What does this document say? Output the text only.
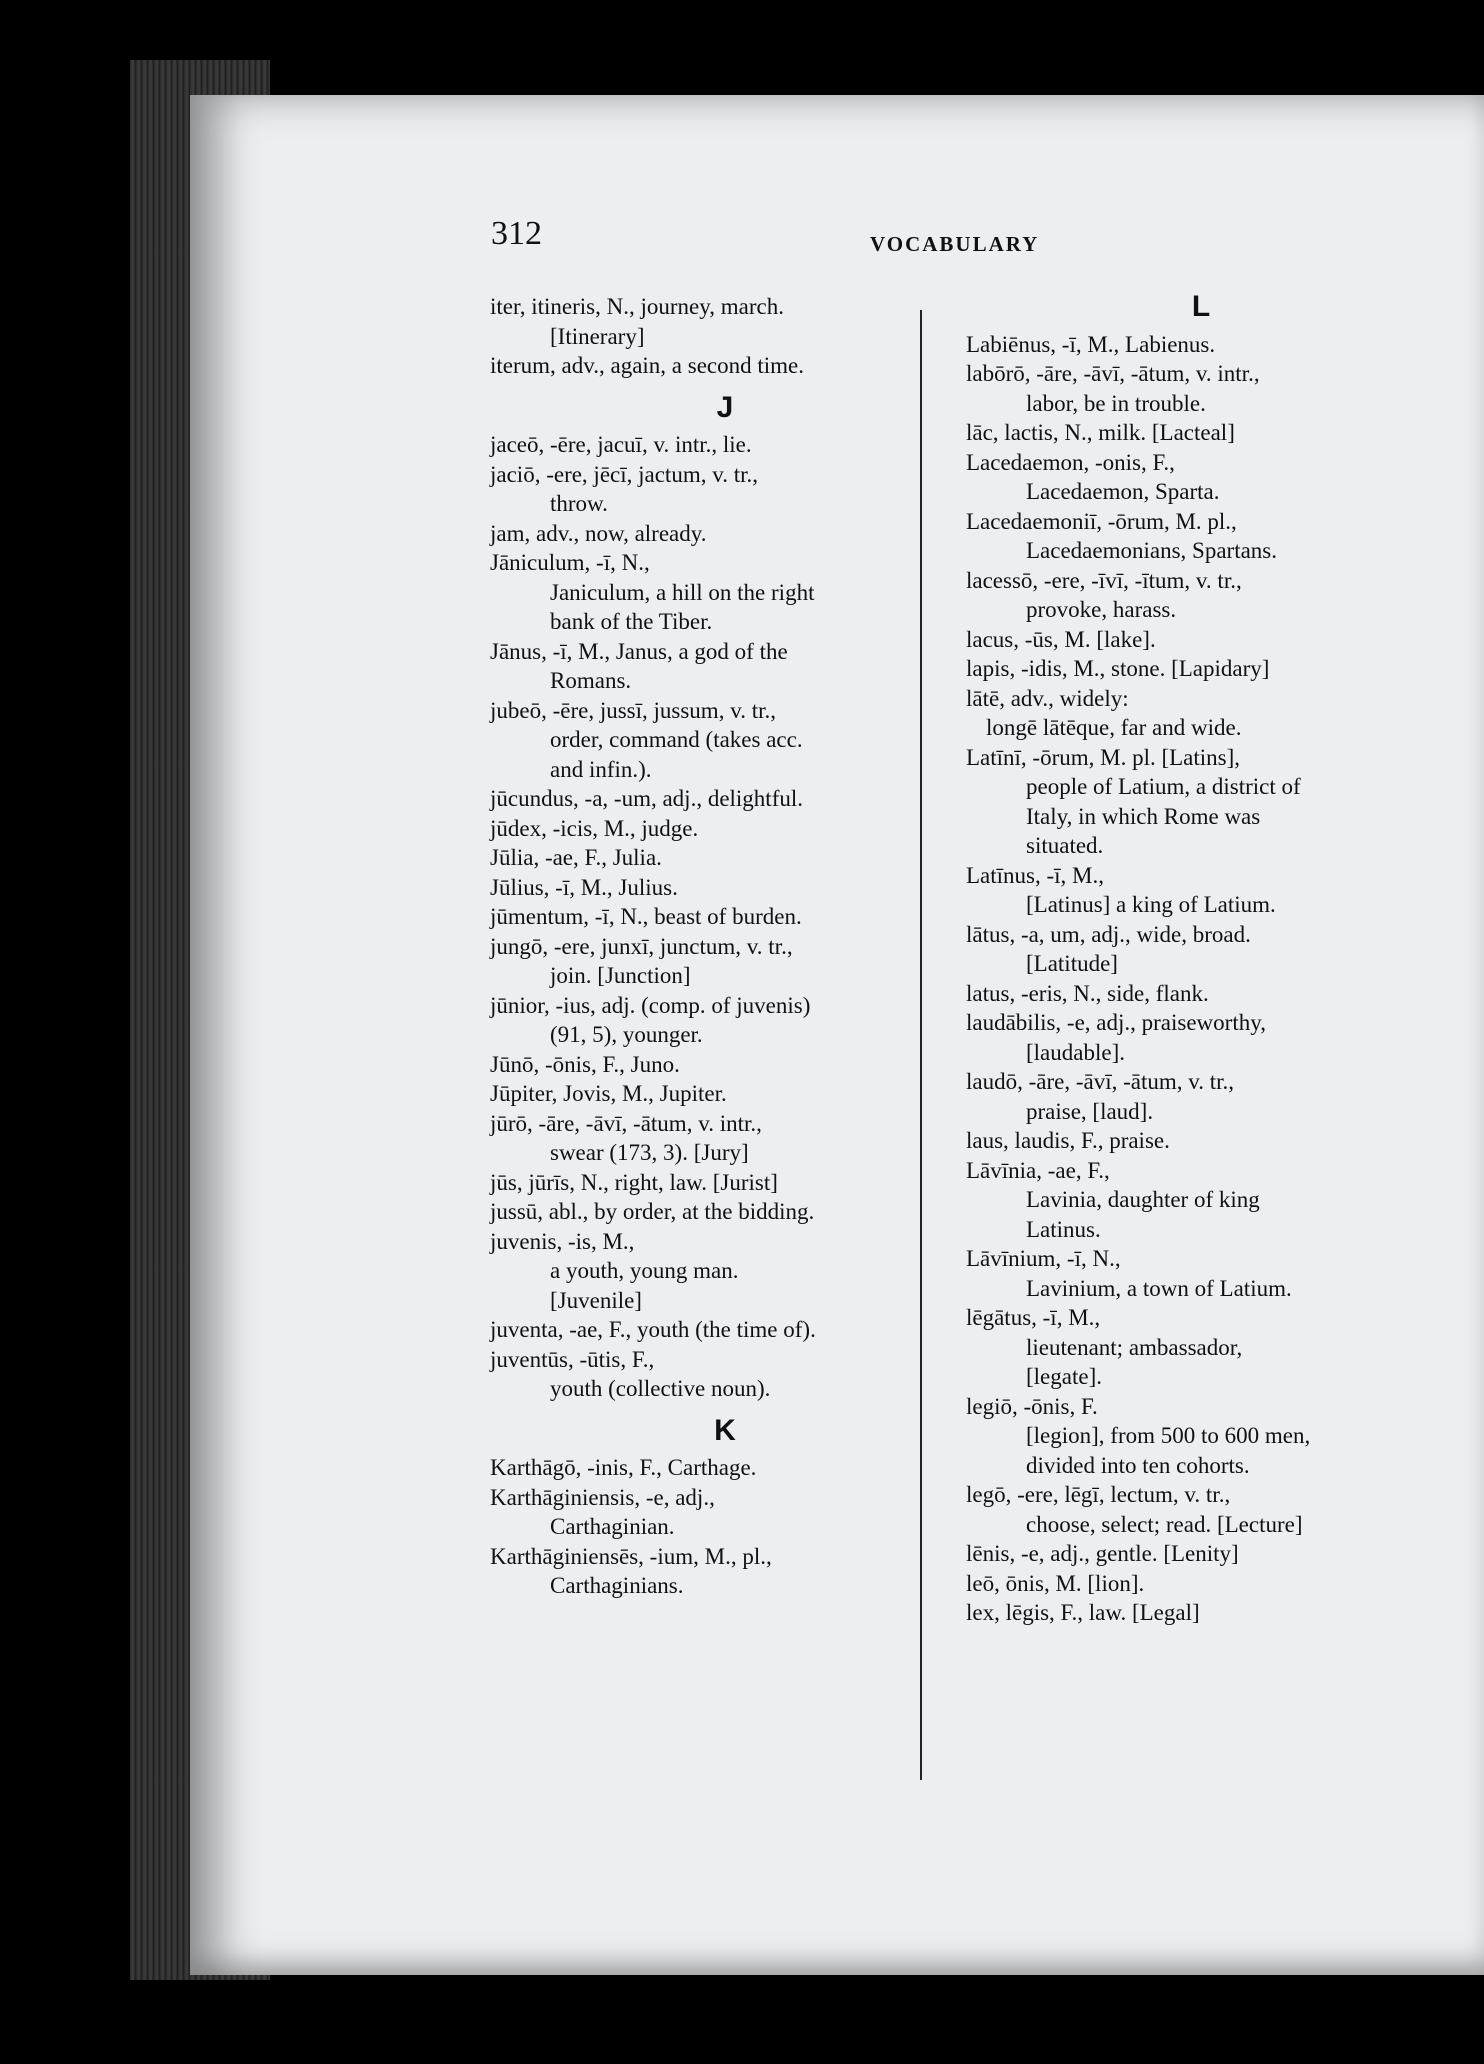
312	VOCABULARY
iter, itineris, N., journey, march.
[Itinerary]
iterum, adv., again, a second time.
J
jaceō, -ēre, jacuī, v. intr., lie.
jaciō, -ere, jēcī, jactum, v. tr.,
throw.
jam, adv., now, already.
Jāniculum, -ī, N.,
Janiculum, a hill on the right
bank of the Tiber.
Jānus, -ī, M., Janus, a god of the
Romans.
jubeō, -ēre, jussī, jussum, v. tr.,
order, command (takes acc.
and infin.).
jūcundus, -a, -um, adj., delightful.
jūdex, -icis, M., judge.
Jūlia, -ae, F., Julia.
Jūlius, -ī, M., Julius.
jūmentum, -ī, N., beast of burden.
jungō, -ere, junxī, junctum, v. tr.,
join. [Junction]
jūnior, -ius, adj. (comp. of juvenis)
(91, 5), younger.
Jūnō, -ōnis, F., Juno.
Jūpiter, Jovis, M., Jupiter.
jūrō, -āre, -āvī, -ātum, v. intr.,
swear (173, 3). [Jury]
jūs, jūrīs, N., right, law. [Jurist]
jussū, abl., by order, at the bidding.
juvenis, -is, M.,
a youth, young man.
[Juvenile]
juventa, -ae, F., youth (the time of).
juventūs, -ūtis, F.,
youth (collective noun).
K
Karthāgō, -inis, F., Carthage.
Karthāginiensis, -e, adj.,
Carthaginian.
Karthāginiensēs, -ium, M., pl.,
Carthaginians.
L
Labiēnus, -ī, M., Labienus.
labōrō, -āre, -āvī, -ātum, v. intr.,
labor, be in trouble.
lāc, lactis, N., milk. [Lacteal]
Lacedaemon, -onis, F.,
Lacedaemon, Sparta.
Lacedaemoniī, -ōrum, M. pl.,
Lacedaemonians, Spartans.
lacessō, -ere, -īvī, -ītum, v. tr.,
provoke, harass.
lacus, -ūs, M. [lake].
lapis, -idis, M., stone. [Lapidary]
lātē, adv., widely:
longē lātēque, far and wide.
Latīnī, -ōrum, M. pl. [Latins],
people of Latium, a district of
Italy, in which Rome was
situated.
Latīnus, -ī, M.,
[Latinus] a king of Latium.
lātus, -a, um, adj., wide, broad.
[Latitude]
latus, -eris, N., side, flank.
laudābilis, -e, adj., praiseworthy,
[laudable].
laudō, -āre, -āvī, -ātum, v. tr.,
praise, [laud].
laus, laudis, F., praise.
Lāvīnia, -ae, F.,
Lavinia, daughter of king
Latinus.
Lāvīnium, -ī, N.,
Lavinium, a town of Latium.
lēgātus, -ī, M.,
lieutenant; ambassador,
[legate].
legiō, -ōnis, F.
[legion], from 500 to 600 men,
divided into ten cohorts.
legō, -ere, lēgī, lectum, v. tr.,
choose, select; read. [Lecture]
lēnis, -e, adj., gentle. [Lenity]
leō, ōnis, M. [lion].
lex, lēgis, F., law. [Legal]
